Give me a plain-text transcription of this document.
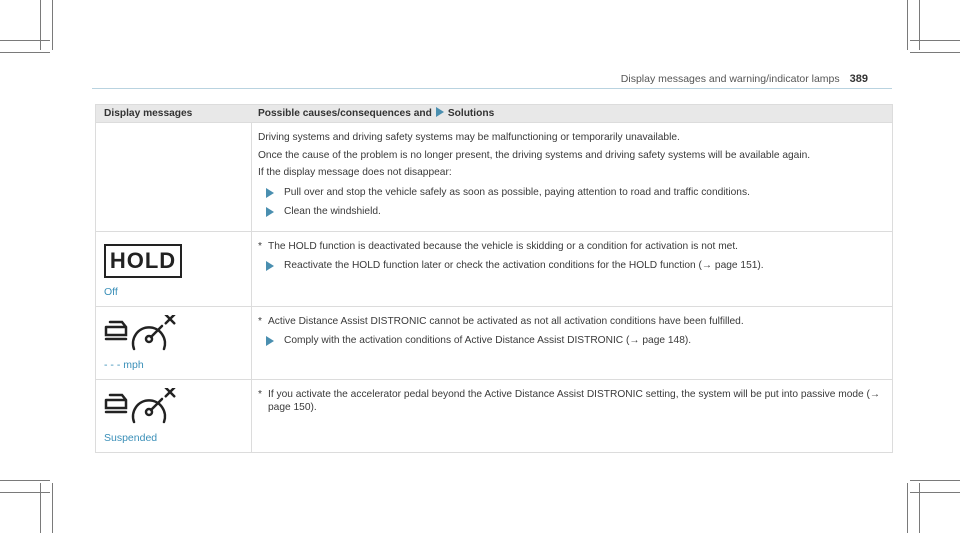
Display messages and warning/indicator lamps 389
Display messages	Possible causes/consequences and Solutions

Driving systems and driving safety systems may be malfunctioning or temporarily unavailable.

Once the cause of the problem is no longer present, the driving systems and driving safety systems will be available again.

If the display message does not disappear:

Pull over and stop the vehicle safely as soon as possible, paying attention to road and traffic conditions.
Clean the windshield.
HOLD
Off
* The HOLD function is deactivated because the vehicle is skidding or a condition for activation is not met.
Reactivate the HOLD function later or check the activation conditions for the HOLD function (→ page 151).
- - - mph
* Active Distance Assist DISTRONIC cannot be activated as not all activation conditions have been fulfilled.
Comply with the activation conditions of Active Distance Assist DISTRONIC (→ page 148).
Suspended
* If you activate the accelerator pedal beyond the Active Distance Assist DISTRONIC setting, the system will be put into passive mode (→ page 150).
